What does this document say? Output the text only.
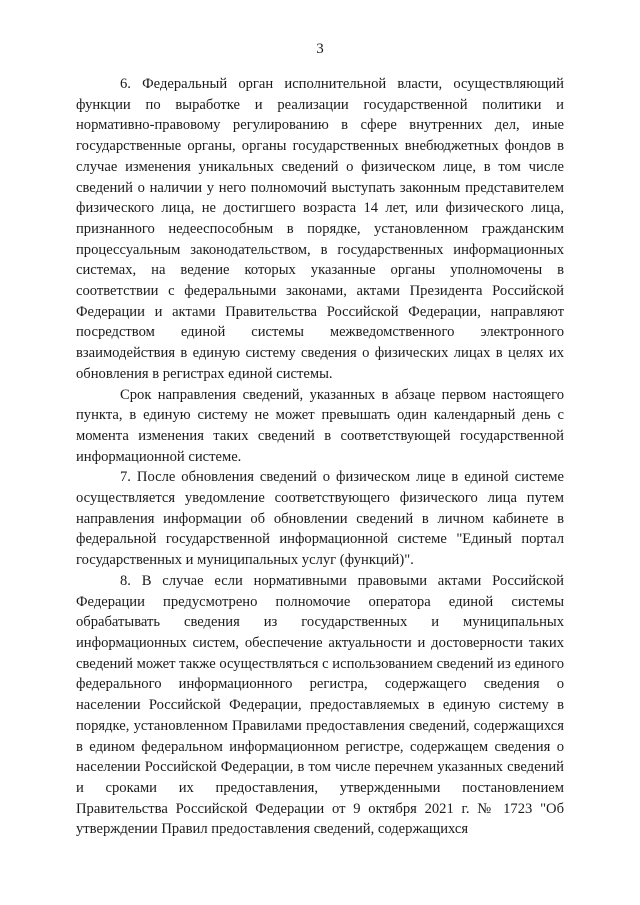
3

6. Федеральный орган исполнительной власти, осуществляющий функции по выработке и реализации государственной политики и нормативно-правовому регулированию в сфере внутренних дел, иные государственные органы, органы государственных внебюджетных фондов в случае изменения уникальных сведений о физическом лице, в том числе сведений о наличии у него полномочий выступать законным представителем физического лица, не достигшего возраста 14 лет, или физического лица, признанного недееспособным в порядке, установленном гражданским процессуальным законодательством, в государственных информационных системах, на ведение которых указанные органы уполномочены в соответствии с федеральными законами, актами Президента Российской Федерации и актами Правительства Российской Федерации, направляют посредством единой системы межведомственного электронного взаимодействия в единую систему сведения о физических лицах в целях их обновления в регистрах единой системы.

Срок направления сведений, указанных в абзаце первом настоящего пункта, в единую систему не может превышать один календарный день с момента изменения таких сведений в соответствующей государственной информационной системе.

7. После обновления сведений о физическом лице в единой системе осуществляется уведомление соответствующего физического лица путем направления информации об обновлении сведений в личном кабинете в федеральной государственной информационной системе "Единый портал государственных и муниципальных услуг (функций)".

8. В случае если нормативными правовыми актами Российской Федерации предусмотрено полномочие оператора единой системы обрабатывать сведения из государственных и муниципальных информационных систем, обеспечение актуальности и достоверности таких сведений может также осуществляться с использованием сведений из единого федерального информационного регистра, содержащего сведения о населении Российской Федерации, предоставляемых в единую систему в порядке, установленном Правилами предоставления сведений, содержащихся в едином федеральном информационном регистре, содержащем сведения о населении Российской Федерации, в том числе перечнем указанных сведений и сроками их предоставления, утвержденными постановлением Правительства Российской Федерации от 9 октября 2021 г. № 1723 "Об утверждении Правил предоставления сведений, содержащихся
